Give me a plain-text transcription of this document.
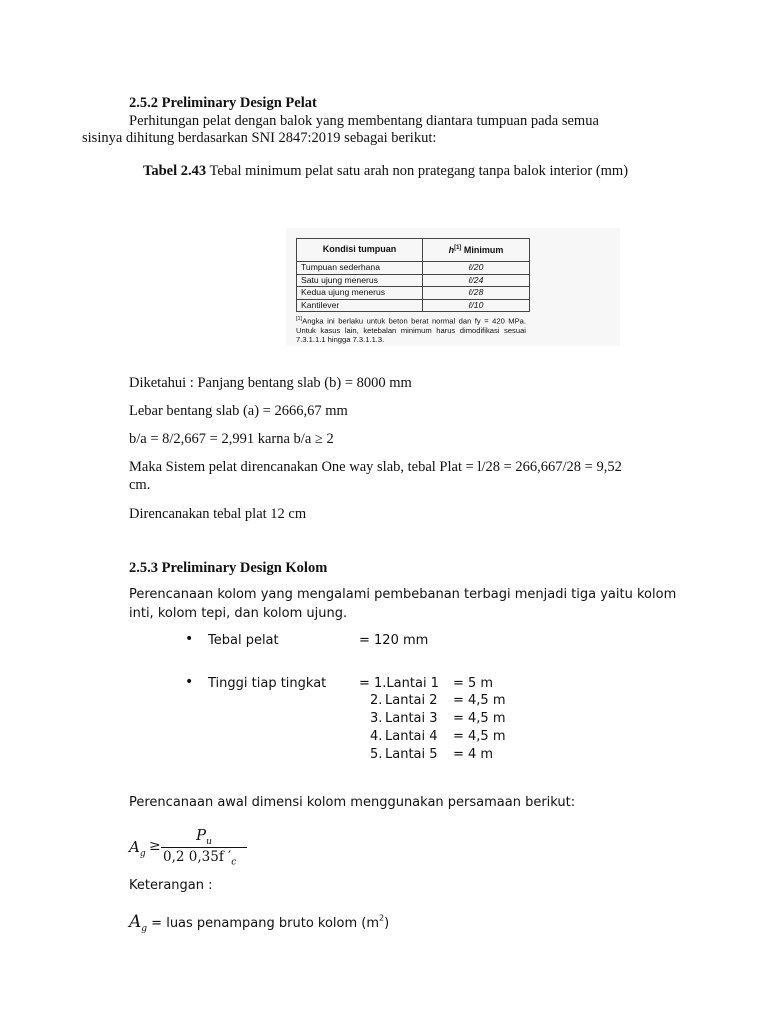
2.5.2 Preliminary Design Pelat
Perhitungan pelat dengan balok yang membentang diantara tumpuan pada semua
sisinya dihitung berdasarkan SNI 2847:2019 sebagai berikut:
Tabel 2.43 Tebal minimum pelat satu arah non prategang tanpa balok interior (mm)
Kondisi tumpuan	h[1] Minimum
Tumpuan sederhana	ℓ/20
Satu ujung menerus	ℓ/24
Kedua ujung menerus	ℓ/28
Kantilever	ℓ/10
[1]Angka ini berlaku untuk beton berat normal dan fy = 420 MPa. Untuk kasus lain, ketebalan minimum harus dimodifikasi sesuai 7.3.1.1.1 hingga 7.3.1.1.3.
Diketahui : Panjang bentang slab (b) = 8000 mm
Lebar bentang slab (a) = 2666,67 mm
b/a = 8/2,667 = 2,991 karna b/a ≥ 2
Maka Sistem pelat direncanakan One way slab, tebal Plat = l/28 = 266,667/28 = 9,52
cm.
Direncanakan tebal plat 12 cm
2.5.3 Preliminary Design Kolom
Perencanaan kolom yang mengalami pembebanan terbagi menjadi tiga yaitu kolom
inti, kolom tepi, dan kolom ujung.
• Tebal pelat	= 120 mm
• Tinggi tiap tingkat	= 1.Lantai 1 = 5 m
2. Lantai 2 = 4,5 m
3. Lantai 3 = 4,5 m
4. Lantai 4 = 4,5 m
5. Lantai 5 = 4 m
Perencanaan awal dimensi kolom menggunakan persamaan berikut:
$A_g$ ≥
$P_u$
0,2 0,35f $'_c$
Keterangan :
$A_g$ = luas penampang bruto kolom $(m^2)$
